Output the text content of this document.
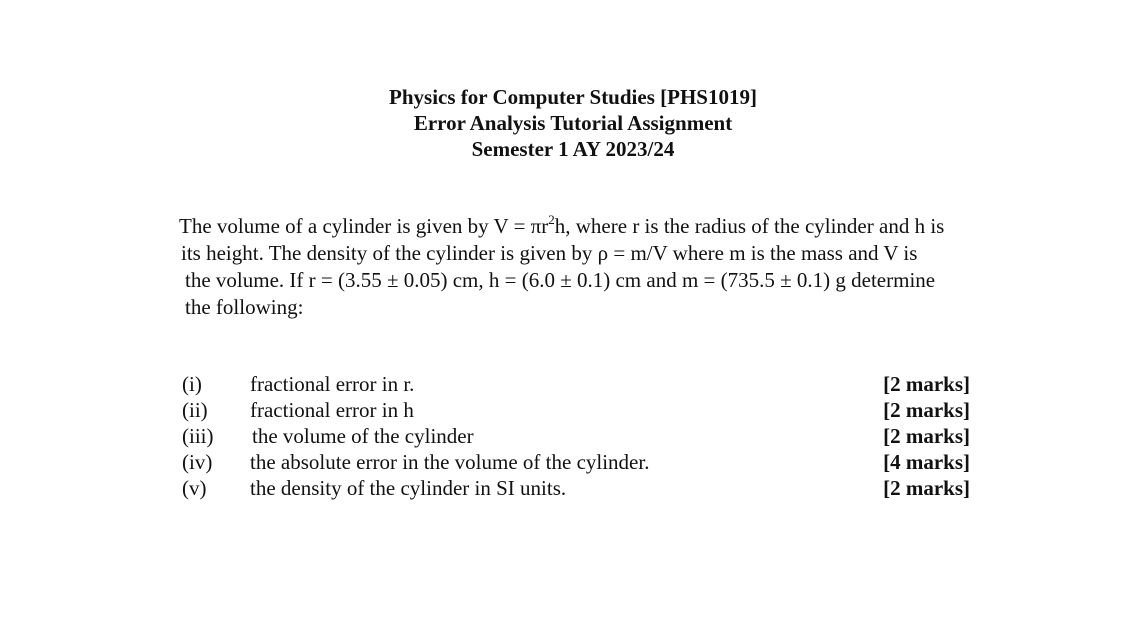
Physics for Computer Studies [PHS1019]
Error Analysis Tutorial Assignment
Semester 1 AY 2023/24
The volume of a cylinder is given by $V = \pi r^2h$, where r is the radius of the cylinder and h is
its height. The density of the cylinder is given by ρ = m/V where m is the mass and V is
the volume. If r = (3.55 ± 0.05) cm, h = (6.0 ± 0.1) cm and m = (735.5 ± 0.1) g determine
the following:
(i) fractional error in r.	[2 marks]
(ii) fractional error in h	[2 marks]
(iii) the volume of the cylinder	[2 marks]
(iv) the absolute error in the volume of the cylinder.	[4 marks]
(v) the density of the cylinder in SI units.	[2 marks]
